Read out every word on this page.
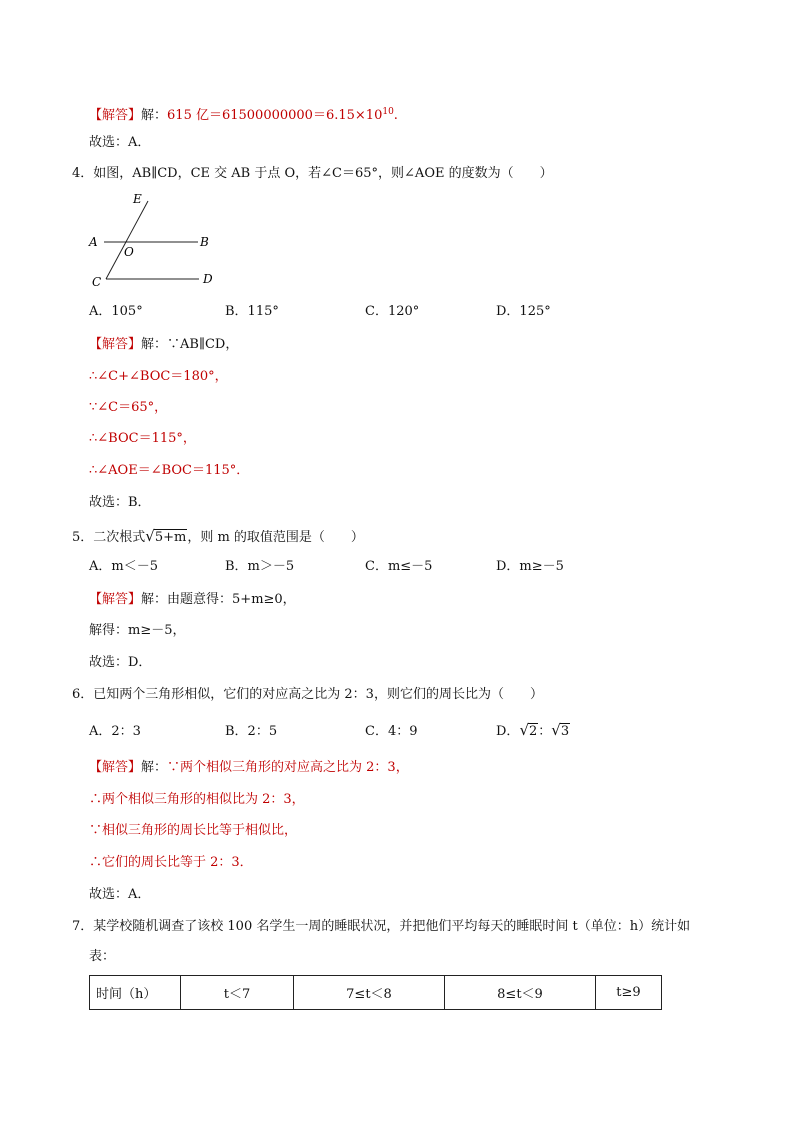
【解答】解：615 亿$=61500000000=6.15\times 10^{10}$.
故选：A．
4．如图，AB∥CD，CE 交 AB 于点 O，若∠C＝65°，则∠AOE 的度数为（　　）
E
A
O
B
C	D
A．105°	B．115°	C．120°	D．125°
【解答】解：∵AB∥CD，
∴∠C+∠BOC＝180°，
∵∠C＝65°，
∴∠BOC＝115°，
∴∠AOE＝∠BOC＝115°．
故选：B．
5．二次根式√5+m，则 m 的取值范围是（　　）
A．m＜－5	B．m＞－5	C．m≤－5	D．m≥－5
【解答】解：由题意得：5+m≥0，
解得：m≥－5，
故选：D．
6．已知两个三角形相似，它们的对应高之比为 2：3，则它们的周长比为（　　）
A．2：3	B．2：5	C．4：9	D．√2：√3
【解答】解：∵两个相似三角形的对应高之比为 2：3，
∴两个相似三角形的相似比为 2：3，
∵相似三角形的周长比等于相似比，
∴它们的周长比等于 2：3．
故选：A．
7．某学校随机调查了该校 100 名学生一周的睡眠状况，并把他们平均每天的睡眠时间 t（单位：h）统计如
表：
时间（h）	t＜7	7≤t＜8	8≤t＜9	t≥9
